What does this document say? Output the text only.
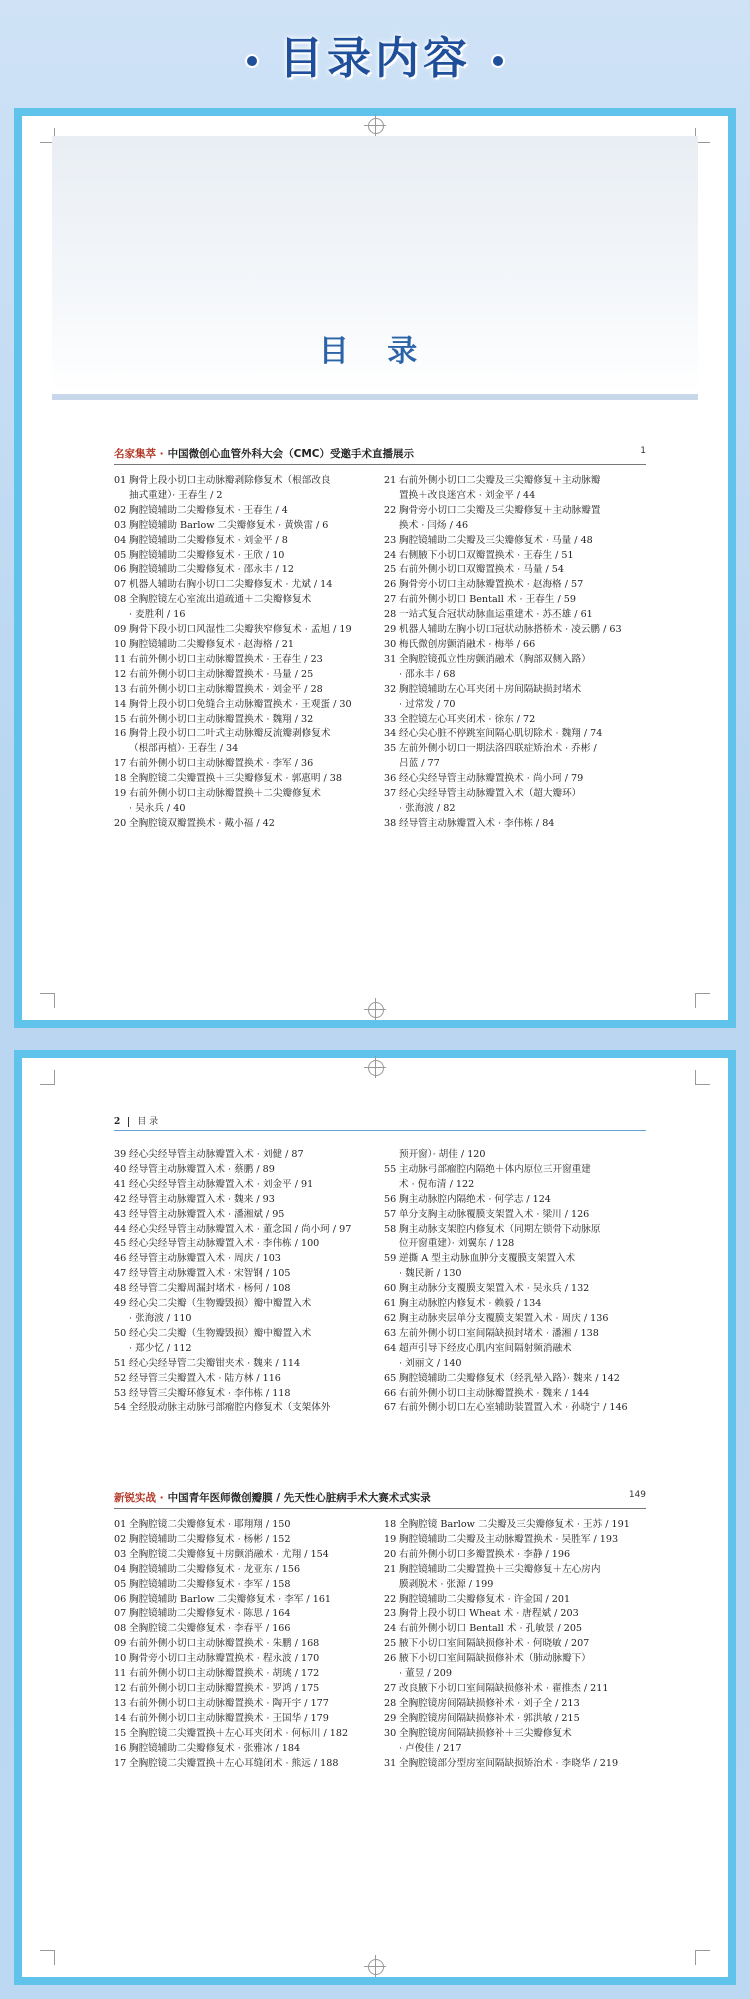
目录内容
目 录
名家集萃 · 中国微创心血管外科大会（CMC）受邀手术直播展示	1
01 胸骨上段小切口主动脉瓣剥除修复术（根部改良
抽式重建）· 王春生 / 2
02 胸腔镜辅助二尖瓣修复术 · 王春生 / 4
03 胸腔镜辅助 Barlow 二尖瓣修复术 · 黄焕雷 / 6
04 胸腔镜辅助二尖瓣修复术 · 刘金平 / 8
05 胸腔镜辅助二尖瓣修复术 · 王欣 / 10
06 胸腔镜辅助二尖瓣修复术 · 邵永丰 / 12
07 机器人辅助右胸小切口二尖瓣修复术 · 尤斌 / 14
08 全胸腔镜左心室流出道疏通＋二尖瓣修复术
· 麦胜利 / 16
09 胸骨下段小切口风湿性二尖瓣狭窄修复术 · 孟旭 / 19
10 胸腔镜辅助二尖瓣修复术 · 赵海格 / 21
11 右前外侧小切口主动脉瓣置换术 · 王春生 / 23
12 右前外侧小切口主动脉瓣置换术 · 马量 / 25
13 右前外侧小切口主动脉瓣置换术 · 刘金平 / 28
14 胸骨上段小切口免缝合主动脉瓣置换术 · 王观蛋 / 30
15 右前外侧小切口主动脉瓣置换术 · 魏翔 / 32
16 胸骨上段小切口二叶式主动脉瓣反流瓣剥修复术
（根部再植）· 王春生 / 34
17 右前外侧小切口主动脉瓣置换术 · 李军 / 36
18 全胸腔镜二尖瓣置换＋三尖瓣修复术 · 郭惠明 / 38
19 右前外侧小切口主动脉瓣置换＋二尖瓣修复术
· 吴永兵 / 40
20 全胸腔镜双瓣置换术 · 戴小福 / 42
21 右前外侧小切口二尖瓣及三尖瓣修复＋主动脉瓣
置换＋改良迷宫术 · 刘金平 / 44
22 胸骨旁小切口二尖瓣及三尖瓣修复＋主动脉瓣置
换术 · 闫炀 / 46
23 胸腔镜辅助二尖瓣及三尖瓣修复术 · 马量 / 48
24 右侧腋下小切口双瓣置换术 · 王春生 / 51
25 右前外侧小切口双瓣置换术 · 马量 / 54
26 胸骨旁小切口主动脉瓣置换术 · 赵海格 / 57
27 右前外侧小切口 Bentall 术 · 王春生 / 59
28 一站式复合冠状动脉血运重建术 · 苏丕雄 / 61
29 机器人辅助左胸小切口冠状动脉搭桥术 · 凌云鹏 / 63
30 梅氏微创房颤消融术 · 梅举 / 66
31 全胸腔镜孤立性房颤消融术（胸部双侧入路）
· 邵永丰 / 68
32 胸腔镜辅助左心耳夹闭＋房间隔缺损封堵术
· 过常发 / 70
33 全腔镜左心耳夹闭术 · 徐东 / 72
34 经心尖心脏不停跳室间隔心肌切除术 · 魏翔 / 74
35 左前外侧小切口一期法洛四联症矫治术 · 乔彬 /
吕蓝 / 77
36 经心尖经导管主动脉瓣置换术 · 尚小珂 / 79
37 经心尖经导管主动脉瓣置入术（超大瓣环）
· 张海波 / 82
38 经导管主动脉瓣置入术 · 李伟栋 / 84
2 目 录
39 经心尖经导管主动脉瓣置入术 · 刘健 / 87
40 经导管主动脉瓣置入术 · 蔡鹏 / 89
41 经心尖经导管主动脉瓣置入术 · 刘金平 / 91
42 经导管主动脉瓣置入术 · 魏来 / 93
43 经导管主动脉瓣置入术 · 潘湘斌 / 95
44 经心尖经导管主动脉瓣置入术 · 董念国 / 尚小珂 / 97
45 经心尖经导管主动脉瓣置入术 · 李伟栋 / 100
46 经导管主动脉瓣置入术 · 周庆 / 103
47 经导管主动脉瓣置入术 · 宋智钢 / 105
48 经导管二尖瓣周漏封堵术 · 杨何 / 108
49 经心尖二尖瓣（生物瓣毁损）瓣中瓣置入术
· 张海波 / 110
50 经心尖二尖瓣（生物瓣毁损）瓣中瓣置入术
· 郑少忆 / 112
51 经心尖经导管二尖瓣钳夹术 · 魏来 / 114
52 经导管三尖瓣置入术 · 陆方林 / 116
53 经导管三尖瓣环修复术 · 李伟栋 / 118
54 全经股动脉主动脉弓部瘤腔内修复术（支架体外
预开窗）· 胡佳 / 120
55 主动脉弓部瘤腔内隔绝＋体内原位三开窗重建
术 · 倪布清 / 122
56 胸主动脉腔内隔绝术 · 何学志 / 124
57 单分支胸主动脉覆膜支架置入术 · 梁川 / 126
58 胸主动脉支架腔内修复术（同期左锁骨下动脉原
位开窗重建）· 刘翼东 / 128
59 逆撕 A 型主动脉血肿分支覆膜支架置入术
· 魏民新 / 130
60 胸主动脉分支覆膜支架置入术 · 吴永兵 / 132
61 胸主动脉腔内修复术 · 赖毅 / 134
62 胸主动脉夹层单分支覆膜支架置入术 · 周庆 / 136
63 左前外侧小切口室间隔缺损封堵术 · 潘湘 / 138
64 超声引导下经皮心肌内室间隔射频消融术
· 刘丽文 / 140
65 胸腔镜辅助二尖瓣修复术（经乳晕入路）· 魏来 / 142
66 右前外侧小切口主动脉瓣置换术 · 魏来 / 144
67 右前外侧小切口左心室辅助装置置入术 · 孙晓宁 / 146
新锐实战 · 中国青年医师微创瓣膜 / 先天性心脏病手术大赛术式实录	149
01 全胸腔镜二尖瓣修复术 · 耶翔翔 / 150
02 胸腔镜辅助二尖瓣修复术 · 杨彬 / 152
03 全胸腔镜二尖瓣修复＋房颤消融术 · 尤翔 / 154
04 胸腔镜辅助二尖瓣修复术 · 龙亚东 / 156
05 胸腔镜辅助二尖瓣修复术 · 李军 / 158
06 胸腔镜辅助 Barlow 二尖瓣修复术 · 李军 / 161
07 胸腔镜辅助二尖瓣修复术 · 陈思 / 164
08 全胸腔镜二尖瓣修复术 · 李春平 / 166
09 右前外侧小切口主动脉瓣置换术 · 朱鹏 / 168
10 胸骨旁小切口主动脉瓣置换术 · 程永波 / 170
11 右前外侧小切口主动脉瓣置换术 · 胡珧 / 172
12 右前外侧小切口主动脉瓣置换术 · 罗鸿 / 175
13 右前外侧小切口主动脉瓣置换术 · 陶开宇 / 177
14 右前外侧小切口主动脉瓣置换术 · 王国华 / 179
15 全胸腔镜二尖瓣置换＋左心耳夹闭术 · 何标川 / 182
16 胸腔镜辅助二尖瓣修复术 · 张雅冰 / 184
17 全胸腔镜二尖瓣置换＋左心耳缝闭术 · 熊远 / 188
18 全胸腔镜 Barlow 二尖瓣及三尖瓣修复术 · 王苏 / 191
19 胸腔镜辅助二尖瓣及主动脉瓣置换术 · 吴胜军 / 193
20 右前外侧小切口多瓣置换术 · 李静 / 196
21 胸腔镜辅助二尖瓣置换＋三尖瓣修复＋左心房内
膜剥脱术 · 张源 / 199
22 胸腔镜辅助二尖瓣修复术 · 许金国 / 201
23 胸骨上段小切口 Wheat 术 · 唐程斌 / 203
24 右前外侧小切口 Bentall 术 · 孔敏景 / 205
25 腋下小切口室间隔缺损修补术 · 何晓敏 / 207
26 腋下小切口室间隔缺损修补术（肺动脉瓣下）
· 董昱 / 209
27 改良腋下小切口室间隔缺损修补术 · 翟推杰 / 211
28 全胸腔镜房间隔缺损修补术 · 刘子全 / 213
29 全胸腔镜房间隔缺损修补术 · 郭洪敏 / 215
30 全胸腔镜房间隔缺损修补＋三尖瓣修复术
· 卢俊佳 / 217
31 全胸腔镜部分型房室间隔缺损矫治术 · 李晓华 / 219
